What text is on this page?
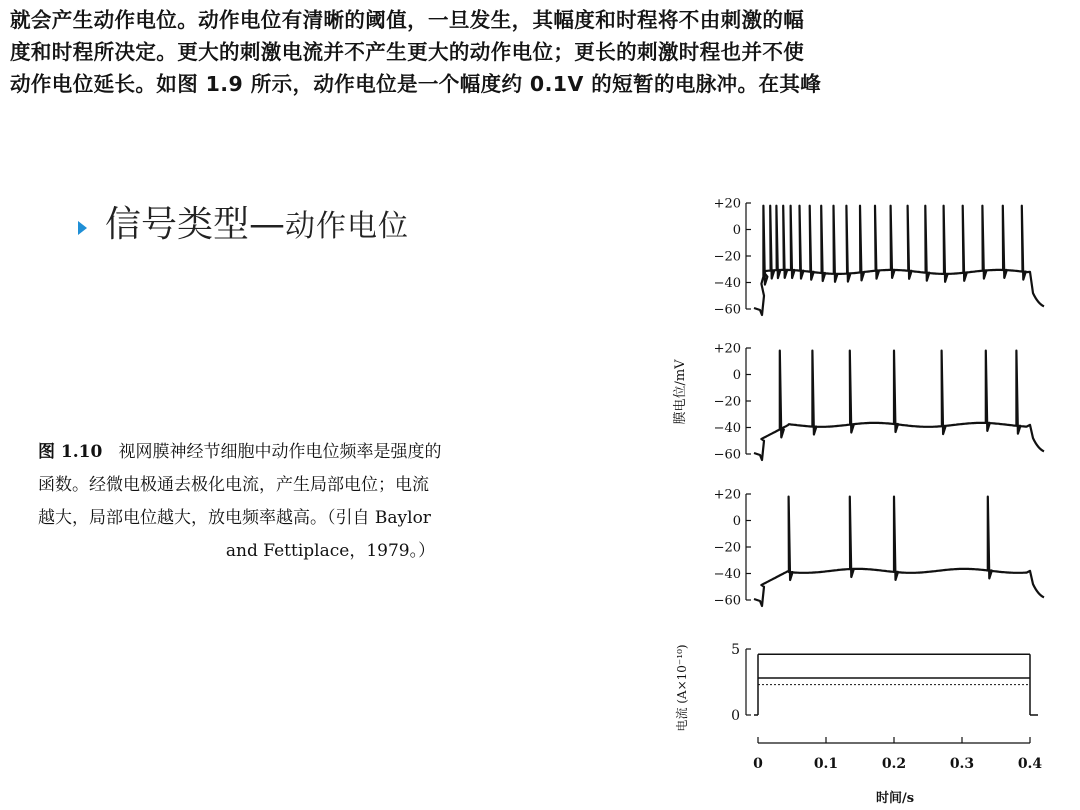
就会产生动作电位。动作电位有清晰的阈值，一旦发生，其幅度和时程将不由刺激的幅
度和时程所决定。更大的刺激电流并不产生更大的动作电位；更长的刺激时程也并不使
动作电位延长。如图 1.9 所示，动作电位是一个幅度约 0.1V 的短暂的电脉冲。在其峰
信号类型—动作电位
图 1.10 视网膜神经节细胞中动作电位频率是强度的
函数。经微电极通去极化电流，产生局部电位；电流
越大，局部电位越大，放电频率越高。（引自 Baylor
and Fettiplace，1979。）
膜电位/mV
电流 (A×10⁻¹⁰)
时间/s
+20
0
−20
−40
−60
+20
0
−20
−40
−60
+20
0
−20
−40
−60
5
0
0	0.1	0.2	0.3	0.4
